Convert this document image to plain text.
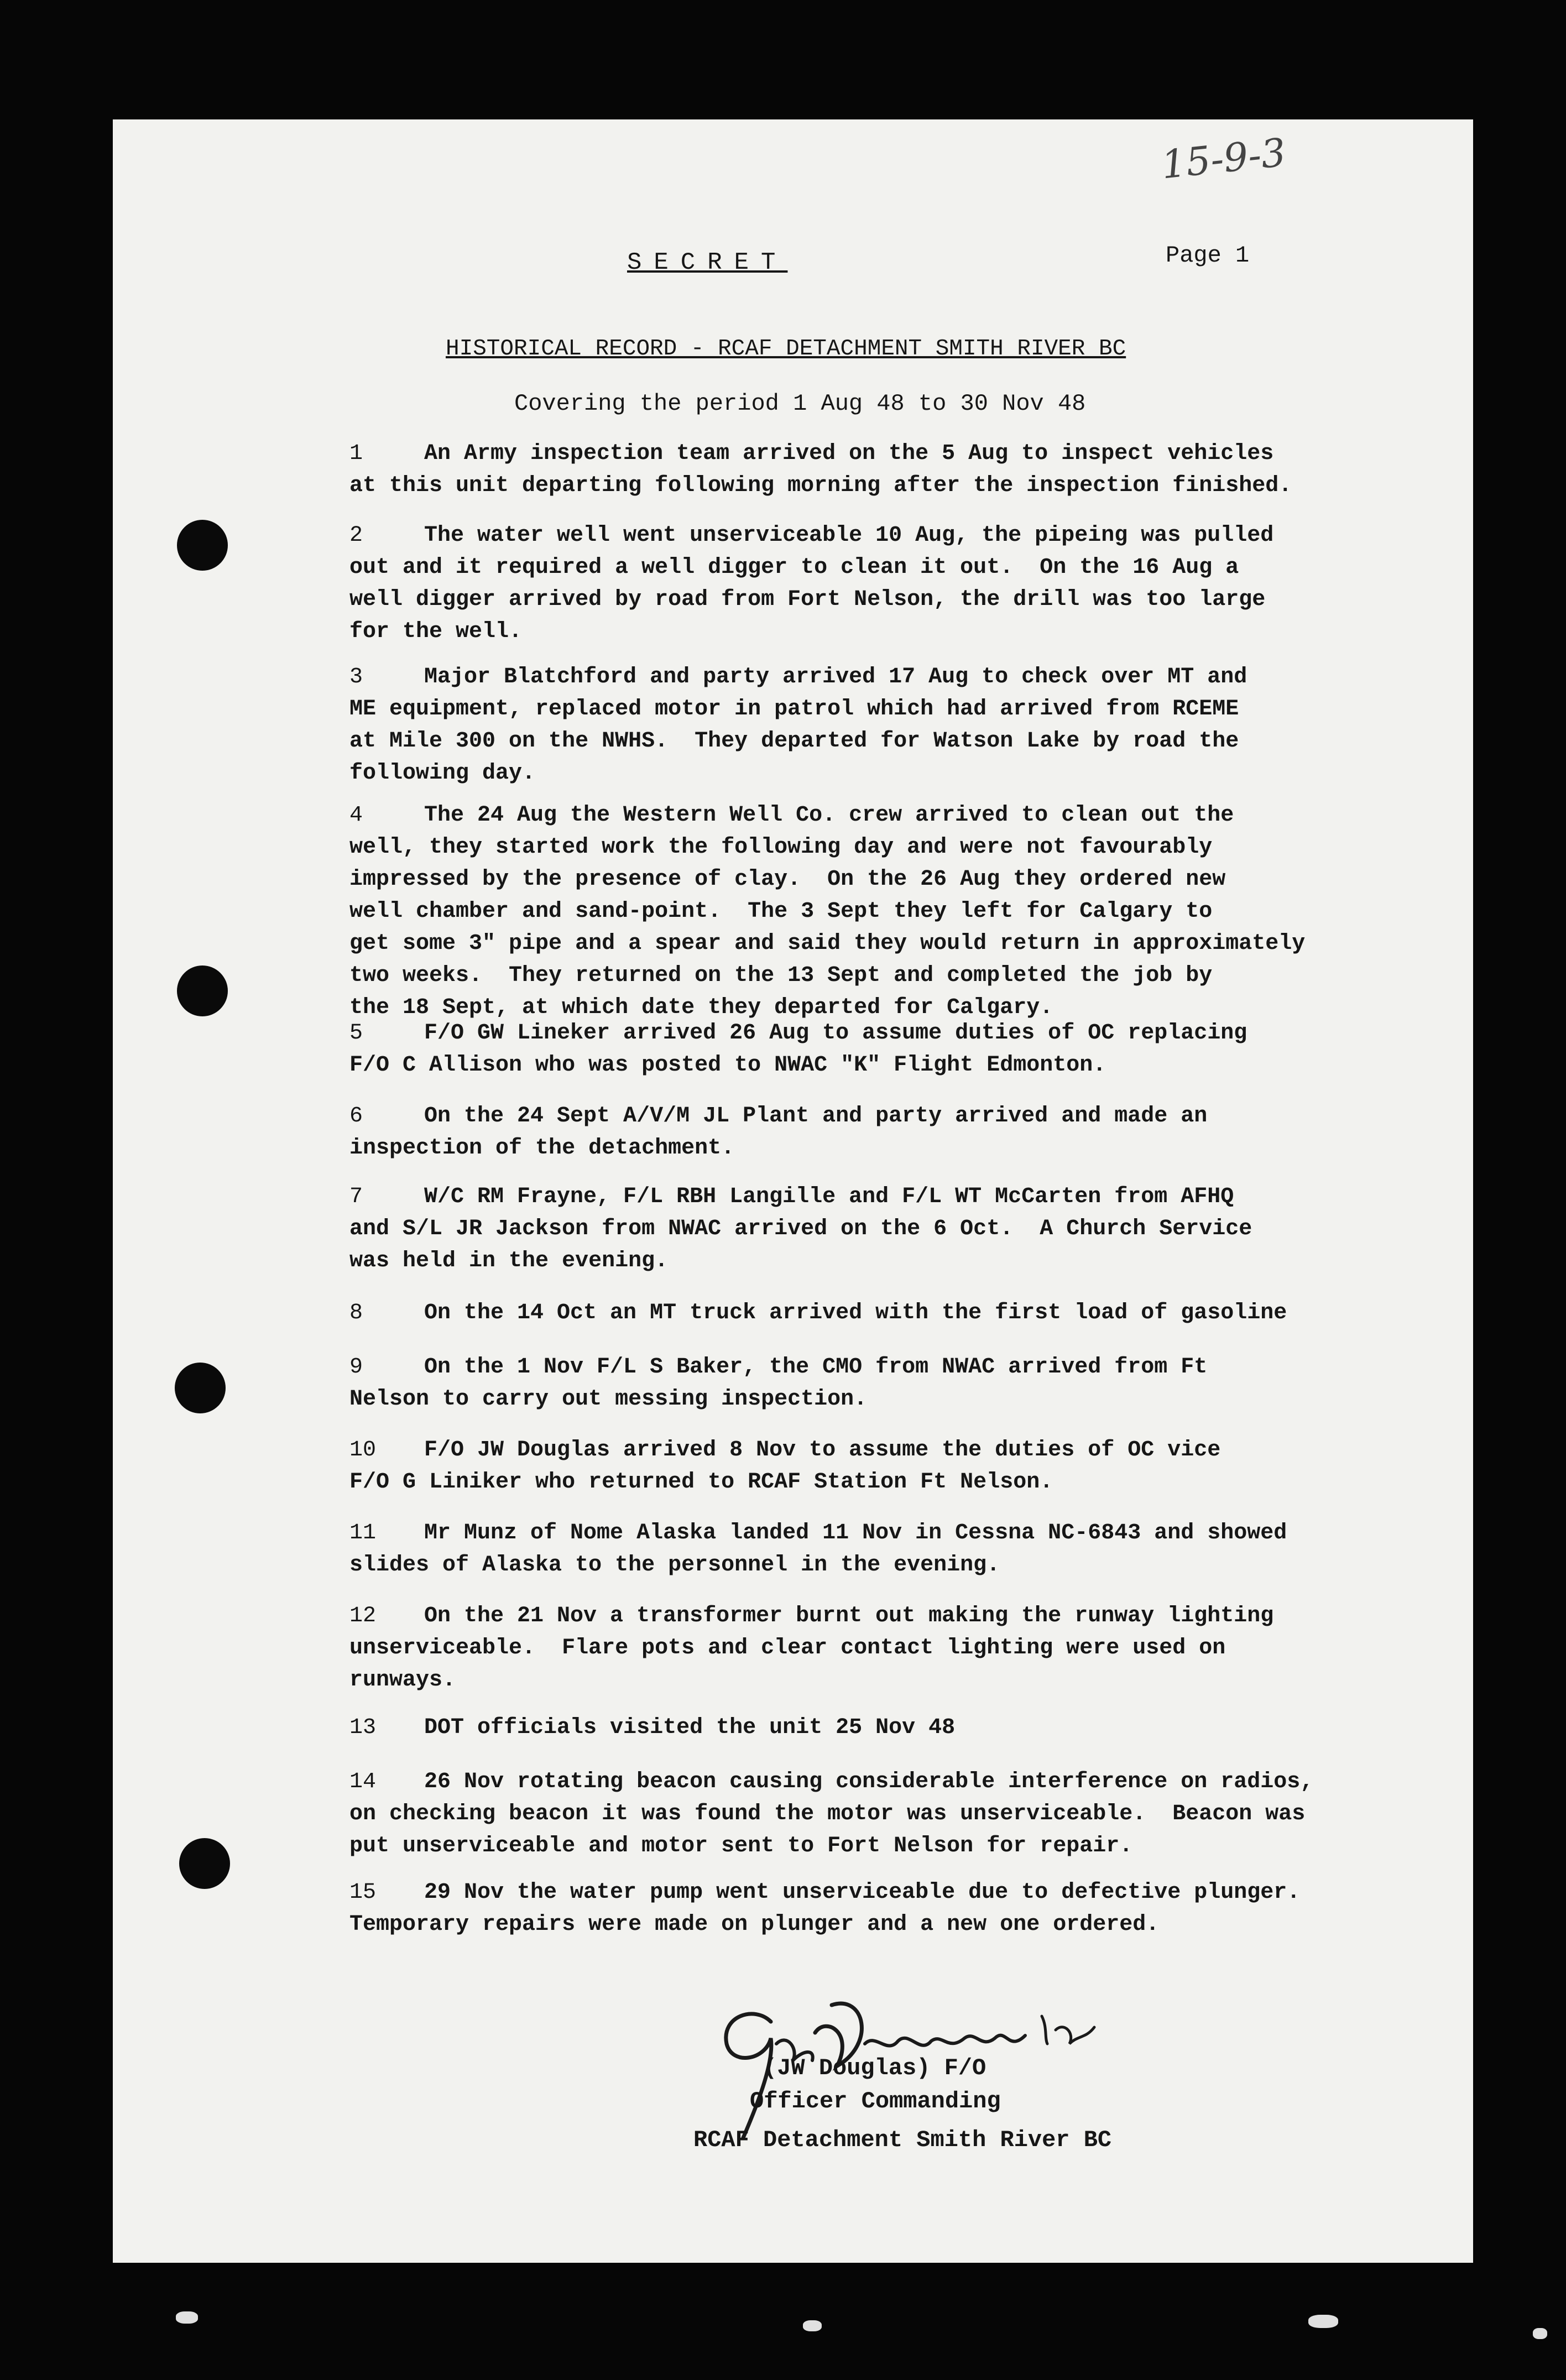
15-9-3
Page 1
SECRET
HISTORICAL RECORD - RCAF DETACHMENT SMITH RIVER BC
Covering the period 1 Aug 48 to 30 Nov 48
1	An Army inspection team arrived on the 5 Aug to inspect vehicles
at this unit departing following morning after the inspection finished.
2	The water well went unserviceable 10 Aug, the pipeing was pulled
out and it required a well digger to clean it out.  On the 16 Aug a
well digger arrived by road from Fort Nelson, the drill was too large
for the well.
3	Major Blatchford and party arrived 17 Aug to check over MT and
ME equipment, replaced motor in patrol which had arrived from RCEME
at Mile 300 on the NWHS.  They departed for Watson Lake by road the
following day.
4	The 24 Aug the Western Well Co. crew arrived to clean out the
well, they started work the following day and were not favourably
impressed by the presence of clay.  On the 26 Aug they ordered new
well chamber and sand-point.  The 3 Sept they left for Calgary to
get some 3" pipe and a spear and said they would return in approximately
two weeks.  They returned on the 13 Sept and completed the job by
the 18 Sept, at which date they departed for Calgary.
5	F/O GW Lineker arrived 26 Aug to assume duties of OC replacing
F/O C Allison who was posted to NWAC "K" Flight Edmonton.
6	On the 24 Sept A/V/M JL Plant and party arrived and made an
inspection of the detachment.
7	W/C RM Frayne, F/L RBH Langille and F/L WT McCarten from AFHQ
and S/L JR Jackson from NWAC arrived on the 6 Oct.  A Church Service
was held in the evening.
8	On the 14 Oct an MT truck arrived with the first load of gasoline
9	On the 1 Nov F/L S Baker, the CMO from NWAC arrived from Ft
Nelson to carry out messing inspection.
10 F/O JW Douglas arrived 8 Nov to assume the duties of OC vice
F/O G Liniker who returned to RCAF Station Ft Nelson.
11 Mr Munz of Nome Alaska landed 11 Nov in Cessna NC-6843 and showed
slides of Alaska to the personnel in the evening.
12 On the 21 Nov a transformer burnt out making the runway lighting
unserviceable.  Flare pots and clear contact lighting were used on
runways.
13 DOT officials visited the unit 25 Nov 48
14 26 Nov rotating beacon causing considerable interference on radios,
on checking beacon it was found the motor was unserviceable.  Beacon was
put unserviceable and motor sent to Fort Nelson for repair.
15 29 Nov the water pump went unserviceable due to defective plunger.
Temporary repairs were made on plunger and a new one ordered.
(JW Douglas) F/O
Officer Commanding
RCAF Detachment Smith River BC
